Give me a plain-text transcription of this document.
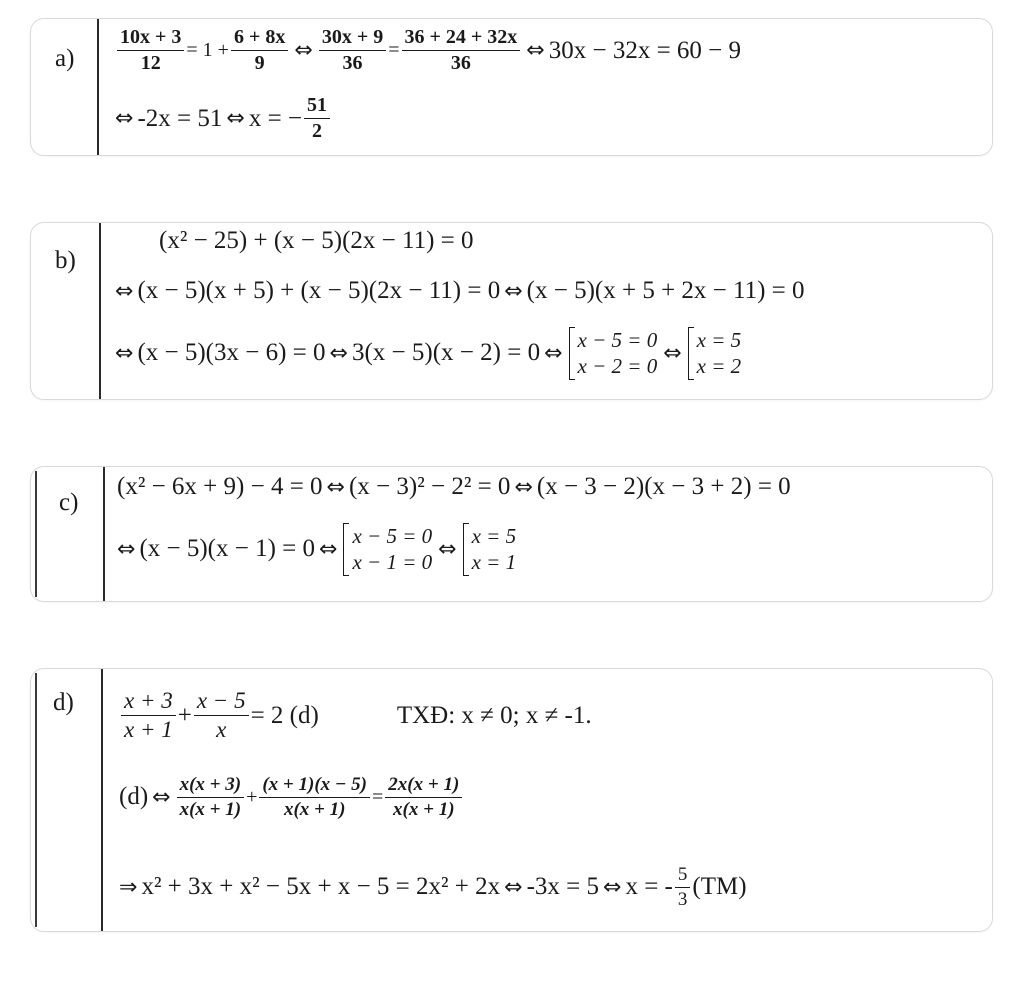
$a) \frac{10x + 3}{12} = 1 + \frac{6 + 8x}{9}$ ⇔ $\frac{30x + 9}{36} = \frac{36 + 24 + 32x}{36}$ ⇔ 30x − 32x = 60 − 9
⇔ -2x = 51 ⇔ x = − $\frac{51}{2}$
b)
(x² − 25) + (x − 5)(2x − 11) = 0
⇔ (x − 5)(x + 5) + (x − 5)(2x − 11) = 0 ⇔ (x − 5)(x + 5 + 2x − 11) = 0
⇔ (x − 5)(3x − 6) = 0 ⇔ 3(x − 5)(x − 2) = 0 ⇔
x − 5 = 0
x − 2 = 0
⇔
x = 5
x = 2
c)
(x² − 6x + 9) − 4 = 0 ⇔ (x − 3)² − 2² = 0 ⇔ (x − 3 − 2)(x − 3 + 2) = 0
⇔ (x − 5)(x − 1) = 0 ⇔
x − 5 = 0
x − 1 = 0
⇔
x = 5
x = 1
$d) \frac{x + 3}{x + 1} + \frac{x - 5}{x} = 2$ (d)	TXĐ: x ≠ 0; x ≠ -1.
(d) ⇔ $\frac{x(x + 3)}{x(x + 1)} + \frac{(x + 1)(x - 5)}{x(x + 1)} = \frac{2x(x + 1)}{x(x + 1)}$
⇒ x² + 3x + x² − 5x + x − 5 = 2x² + 2x ⇔ -3x = 5 ⇔ x = - $\frac{5}{3} (TM)$
